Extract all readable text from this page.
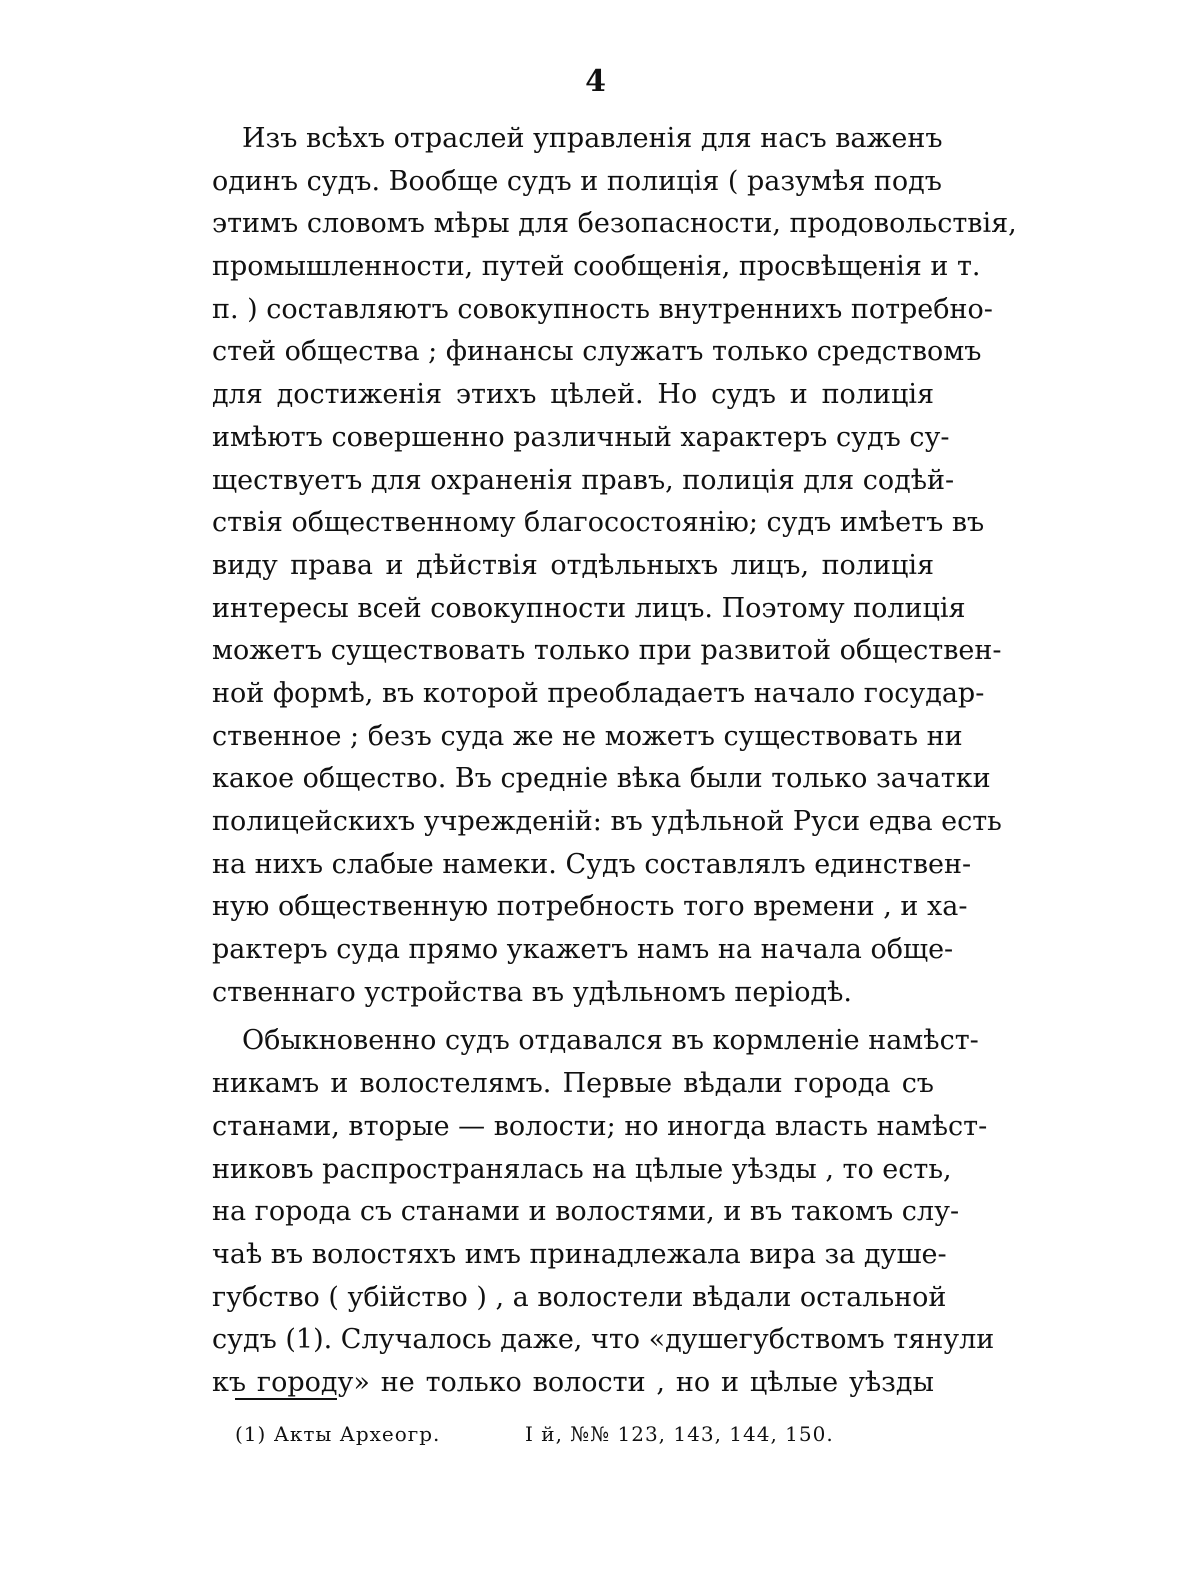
4
Изъ всѣхъ отраслей управленія для насъ важенъ
одинъ судъ. Вообще судъ и полиція ( разумѣя подъ
этимъ словомъ мѣры для безопасности, продовольствія,
промышленности, путей сообщенія, просвѣщенія и т.
п. ) составляютъ совокупность внутреннихъ потребно-
стей общества ; финансы служатъ только средствомъ
для достиженія этихъ цѣлей. Но судъ и полиція
имѣютъ совершенно различный характеръ судъ су-
ществуетъ для охраненія правъ, полиція для содѣй-
ствія общественному благосостоянію; судъ имѣетъ въ
виду права и дѣйствія отдѣльныхъ лицъ, полиція
интересы всей совокупности лицъ. Поэтому полиція
можетъ существовать только при развитой обществен-
ной формѣ, въ которой преобладаетъ начало государ-
ственное ; безъ суда же не можетъ существовать ни
какое общество. Въ средніе вѣка были только зачатки
полицейскихъ учрежденій: въ удѣльной Руси едва есть
на нихъ слабые намеки. Судъ составлялъ единствен-
ную общественную потребность того времени , и ха-
рактеръ суда прямо укажетъ намъ на начала обще-
ственнаго устройства въ удѣльномъ періодѣ.
Обыкновенно судъ отдавался въ кормленіе намѣст-
никамъ и волостелямъ. Первые вѣдали города съ
станами, вторые — волости; но иногда власть намѣст-
никовъ распространялась на цѣлые уѣзды , то есть,
на города съ станами и волостями, и въ такомъ слу-
чаѣ въ волостяхъ имъ принадлежала вира за душе-
губство ( убійство ) , а волостели вѣдали остальной
судъ (1). Случалось даже, что «душегубствомъ тянули
къ городу» не только волости , но и цѣлые уѣзды
(1) Акты Археогр.	I й, №№ 123, 143, 144, 150.
